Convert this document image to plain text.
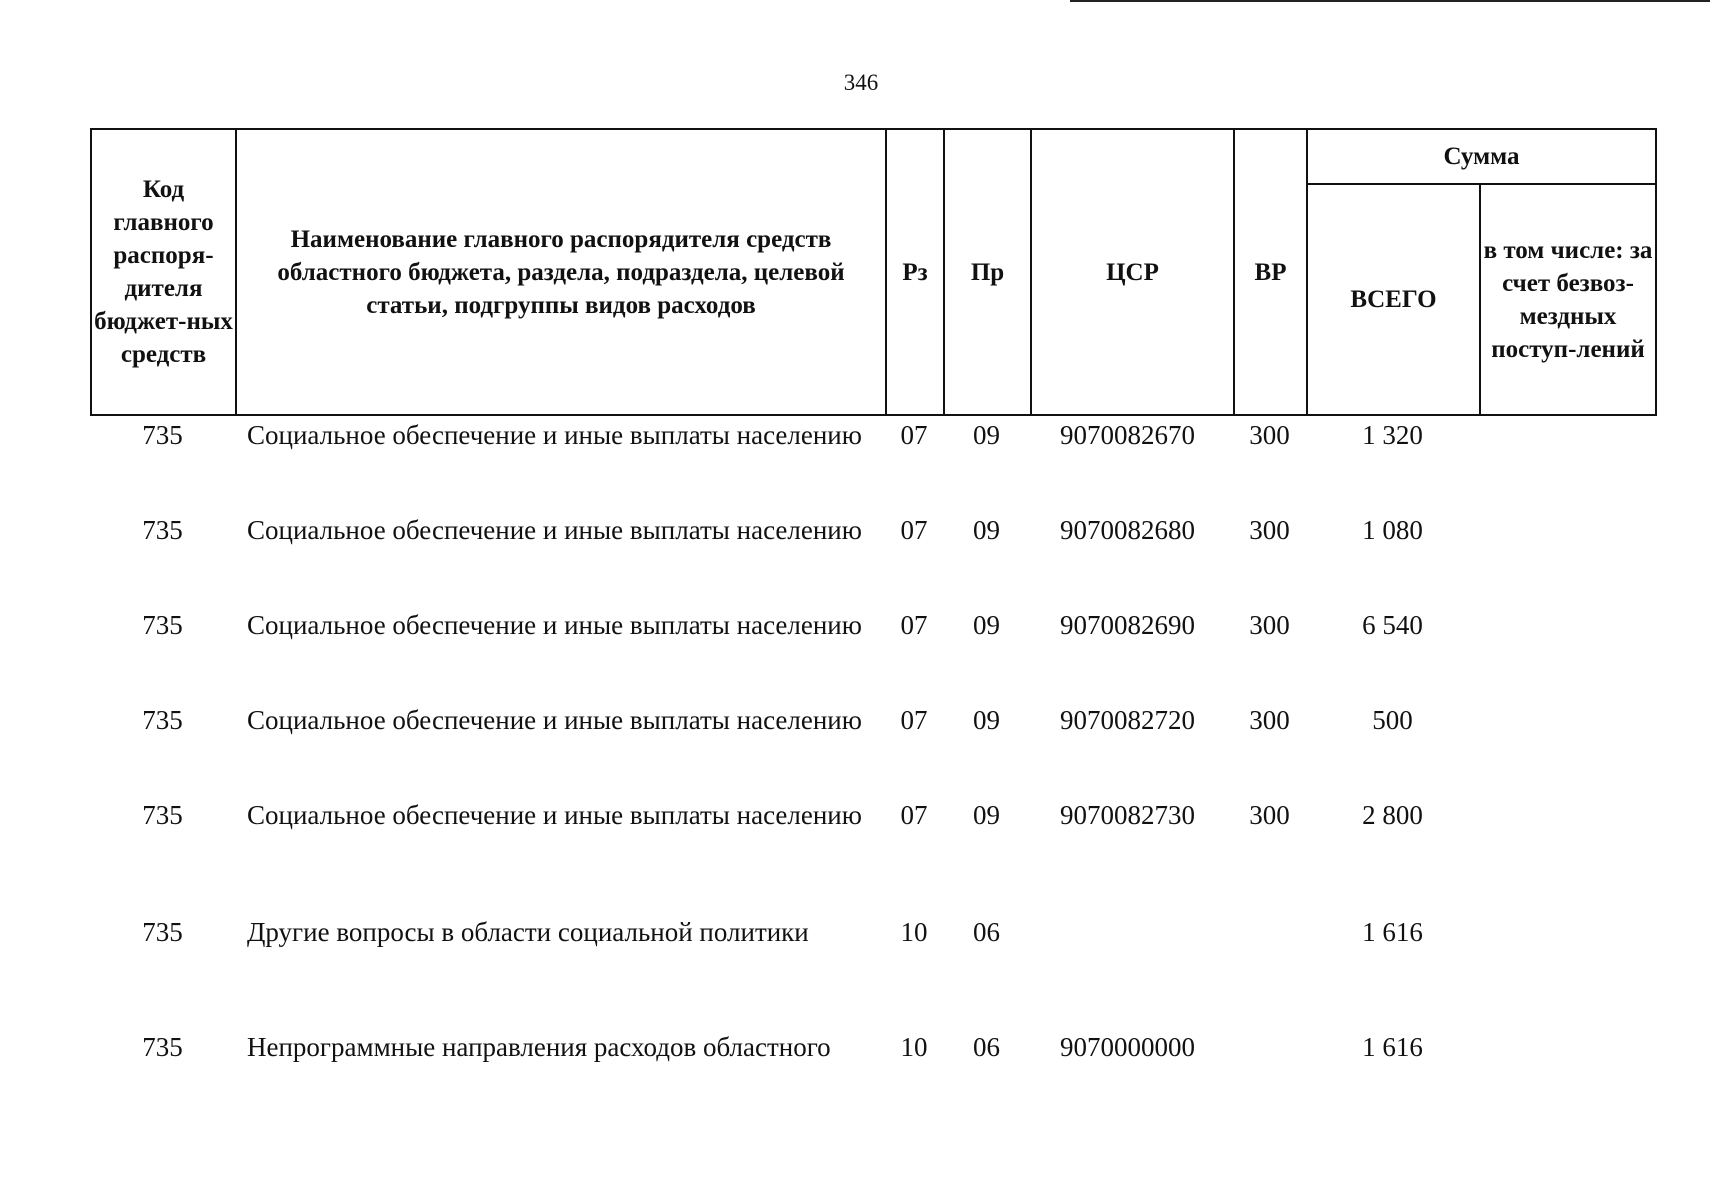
346
Код главного распоря-дителя бюджет-ных средств	Наименование главного распорядителя средств областного бюджета, раздела, подраздела, целевой статьи, подгруппы видов расходов	Рз	Пр	ЦСР	ВР	Сумма	
						ВСЕГО	в том числе: за счет безвоз-мездных поступ-лений
735	Социальное обеспечение и иные выплаты населению	07	09	9070082670	300	1 320	
735	Социальное обеспечение и иные выплаты населению	07	09	9070082680	300	1 080	
735	Социальное обеспечение и иные выплаты населению	07	09	9070082690	300	6 540	
735	Социальное обеспечение и иные выплаты населению	07	09	9070082720	300	500	
735	Социальное обеспечение и иные выплаты населению	07	09	9070082730	300	2 800	
735	Другие вопросы в области социальной политики	10	06			1 616	
735	Непрограммные направления расходов областного	10	06	9070000000		1 616	
